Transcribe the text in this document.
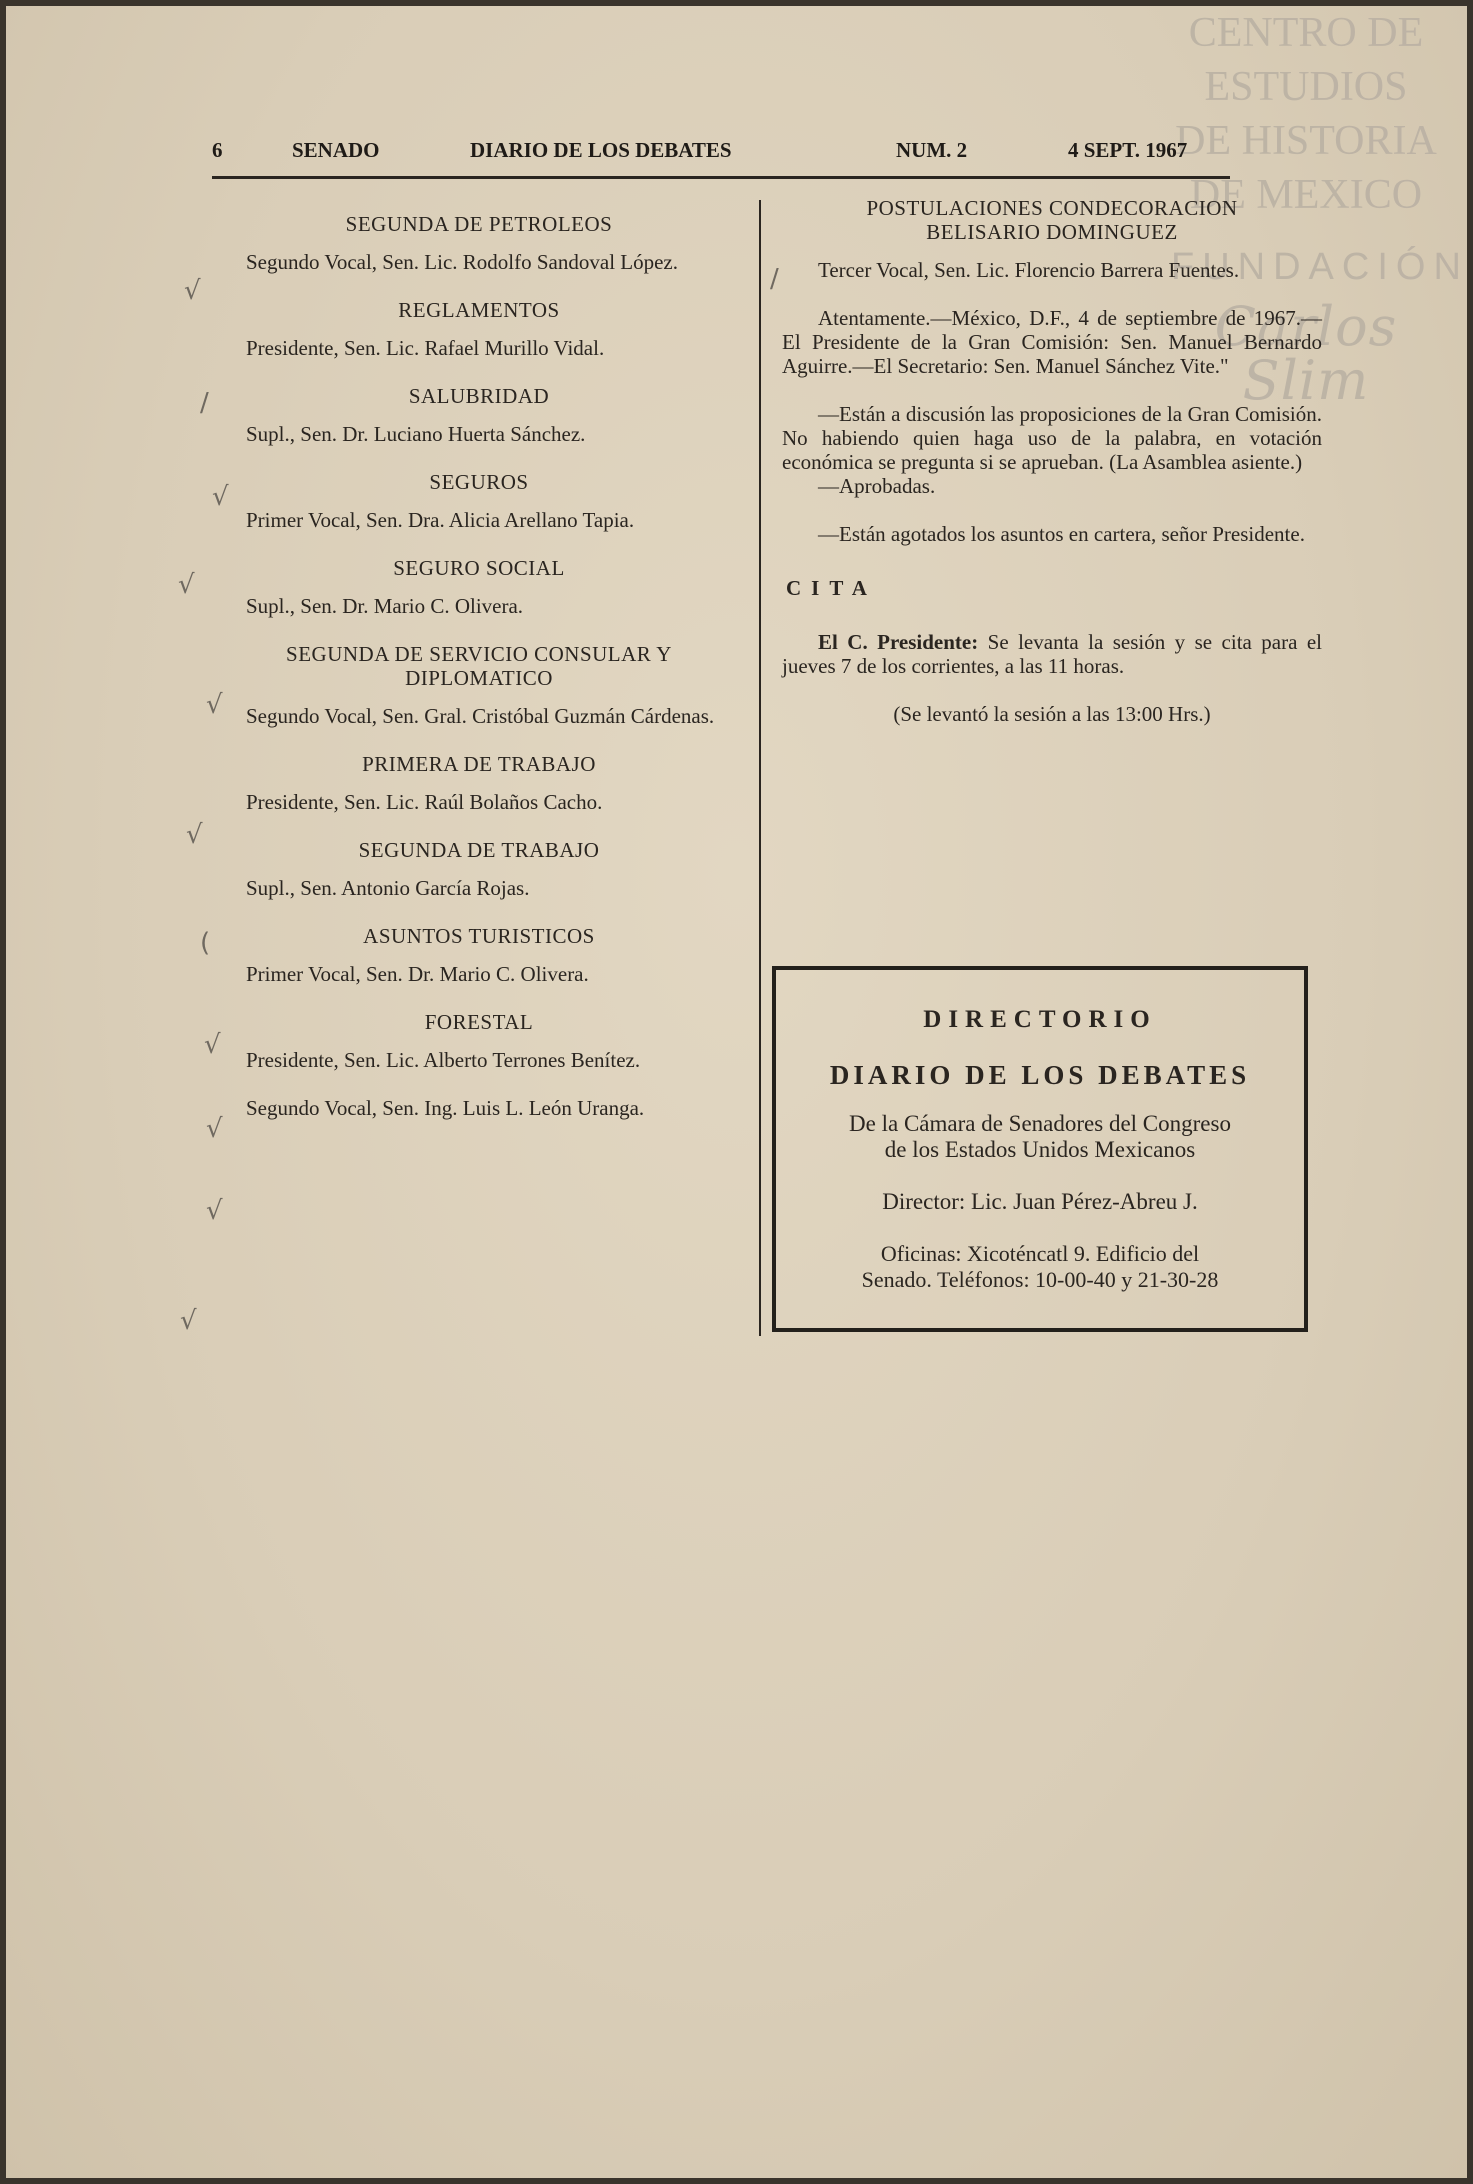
CENTRO DE
ESTUDIOS
DE HISTORIA
DE MEXICO
FUNDACIÓN
Carlos Slim
6	SENADO	DIARIO DE LOS DEBATES	NUM. 2	4 SEPT. 1967
SEGUNDA DE PETROLEOS

Segundo Vocal, Sen. Lic. Rodolfo Sandoval López.

REGLAMENTOS

Presidente, Sen. Lic. Rafael Murillo Vidal.

SALUBRIDAD

Supl., Sen. Dr. Luciano Huerta Sánchez.

SEGUROS

Primer Vocal, Sen. Dra. Alicia Arellano Tapia.

SEGURO SOCIAL

Supl., Sen. Dr. Mario C. Olivera.

SEGUNDA DE SERVICIO CONSULAR Y DIPLOMATICO

Segundo Vocal, Sen. Gral. Cristóbal Guzmán Cárdenas.

PRIMERA DE TRABAJO

Presidente, Sen. Lic. Raúl Bolaños Cacho.

SEGUNDA DE TRABAJO

Supl., Sen. Antonio García Rojas.

ASUNTOS TURISTICOS

Primer Vocal, Sen. Dr. Mario C. Olivera.

FORESTAL

Presidente, Sen. Lic. Alberto Terrones Benítez.

Segundo Vocal, Sen. Ing. Luis L. León Uranga.

POSTULACIONES CONDECORACION
BELISARIO DOMINGUEZ

Tercer Vocal, Sen. Lic. Florencio Barrera Fuentes.

Atentamente.—México, D.F., 4 de septiembre de 1967.— El Presidente de la Gran Comisión: Sen. Manuel Bernardo Aguirre.—El Secretario: Sen. Manuel Sánchez Vite."

—Están a discusión las proposiciones de la Gran Comisión. No habiendo quien haga uso de la palabra, en votación económica se pregunta si se aprueban. (La Asamblea asiente.)

—Aprobadas.

—Están agotados los asuntos en cartera, señor Presidente.

CITA

El C. Presidente: Se levanta la sesión y se cita para el jueves 7 de los corrientes, a las 11 horas.

(Se levantó la sesión a las 13:00 Hrs.)
DIRECTORIO
DIARIO DE LOS DEBATES
De la Cámara de Senadores del Congreso
de los Estados Unidos Mexicanos
Director: Lic. Juan Pérez-Abreu J.
Oficinas: Xicoténcatl 9. Edificio del
Senado. Teléfonos: 10-00-40 y 21-30-28
√
/
√
√
√
√
(
√
√
√
√
/
